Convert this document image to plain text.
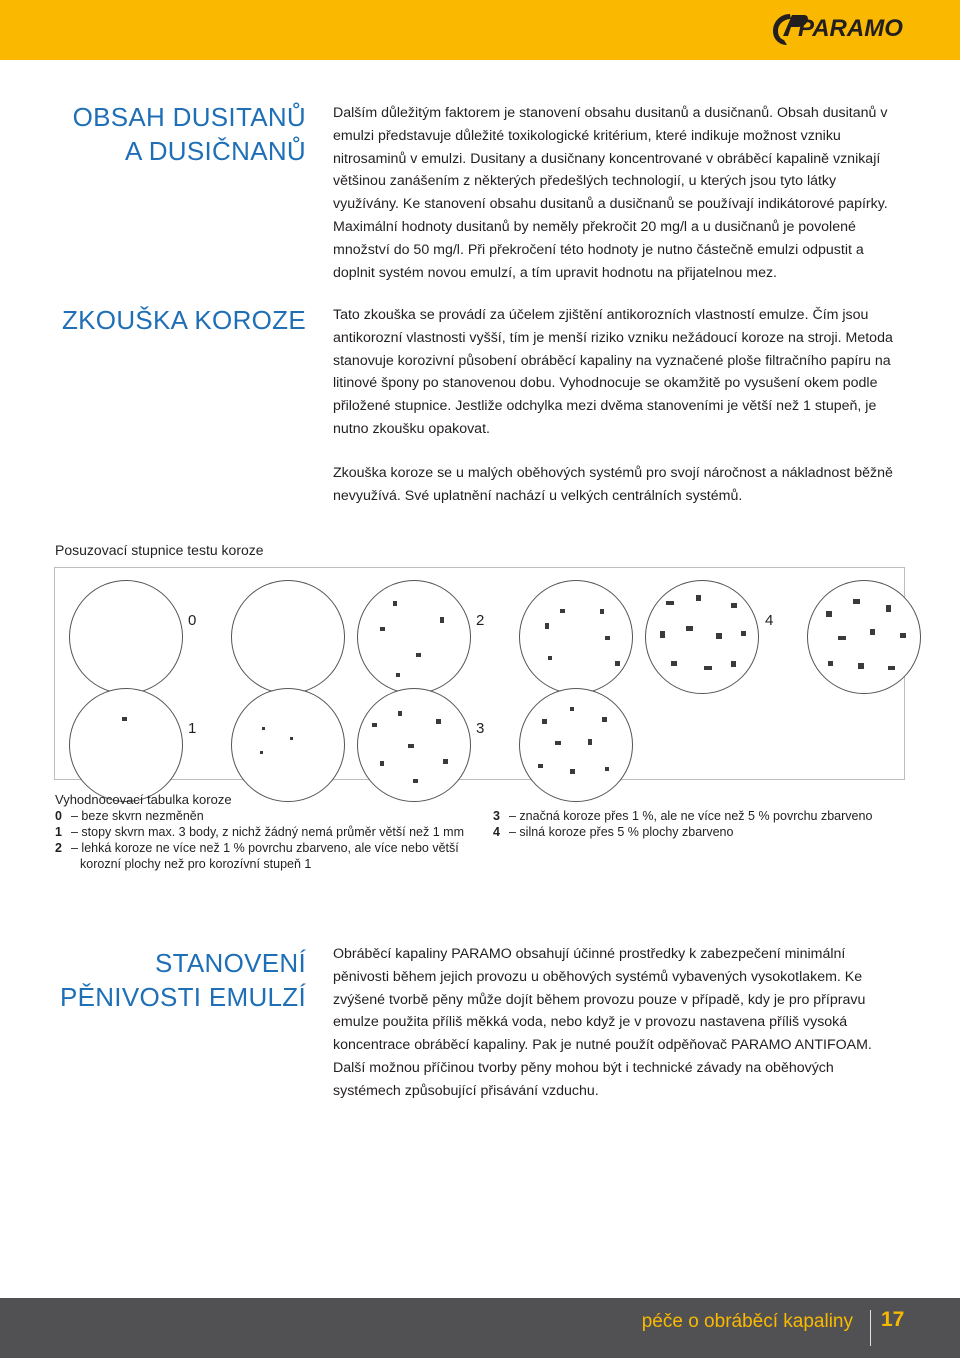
PARAMO
OBSAH DUSITANŮ
A DUSIČNANŮ

Dalším důležitým faktorem je stanovení obsahu dusitanů a dusičnanů. Obsah dusitanů v emulzi představuje důležité toxikologické kritérium, které indikuje možnost vzniku nitrosaminů v emulzi. Dusitany a dusičnany koncentrované v obráběcí kapalině vznikají většinou zanášením z některých předešlých technologií, u kterých jsou tyto látky využívány. Ke stanovení obsahu dusitanů a dusičnanů se používají indikátorové papírky. Maximální hodnoty dusitanů by neměly překročit 20 mg/l a u dusičnanů je povolené množství do 50 mg/l. Při překročení této hodnoty je nutno částečně emulzi odpustit a doplnit systém novou emulzí, a tím upravit hodnotu na přijatelnou mez.

ZKOUŠKA KOROZE Tato zkouška se provádí za účelem zjištění antikorozních vlastností emulze. Čím jsou antikorozní vlastnosti vyšší, tím je menší riziko vzniku nežádoucí koroze na stroji. Metoda stanovuje korozivní působení obráběcí kapaliny na vyznačené ploše filtračního papíru na litinové špony po stanovenou dobu. Vyhodnocuje se okamžitě po vysušení okem podle přiložené stupnice. Jestliže odchylka mezi dvěma stanoveními je větší než 1 stupeň, je nutno zkoušku opakovat.

Zkouška koroze se u malých oběhových systémů pro svojí náročnost a nákladnost běžně nevyužívá. Své uplatnění nachází u velkých centrálních systémů.

Posuzovací stupnice testu koroze
0	2	4
1	3
Vyhodnocovací tabulka koroze
0 – beze skvrn nezměněn
1 – stopy skvrn max. 3 body, z nichž žádný nemá průměr větší než 1 mm
2 – lehká koroze ne více než 1 % povrchu zbarveno, ale více nebo větší
korozní plochy než pro korozívní stupeň 1
3 – značná koroze přes 1 %, ale ne více než 5 % povrchu zbarveno
4 – silná koroze přes 5 % plochy zbarveno
STANOVENÍ
PĚNIVOSTI EMULZÍ

Obráběcí kapaliny PARAMO obsahují účinné prostředky k zabezpečení minimální pěnivosti během jejich provozu u oběhových systémů vybavených vysokotlakem. Ke zvýšené tvorbě pěny může dojít během provozu pouze v případě, kdy je pro přípravu emulze použita příliš měkká voda, nebo když je v provozu nastavena příliš vysoká koncentrace obráběcí kapaliny. Pak je nutné použít odpěňovač PARAMO ANTIFOAM. Další možnou příčinou tvorby pěny mohou být i technické závady na oběhových systémech způsobující přisávání vzduchu.

péče o obráběcí kapaliny 17
